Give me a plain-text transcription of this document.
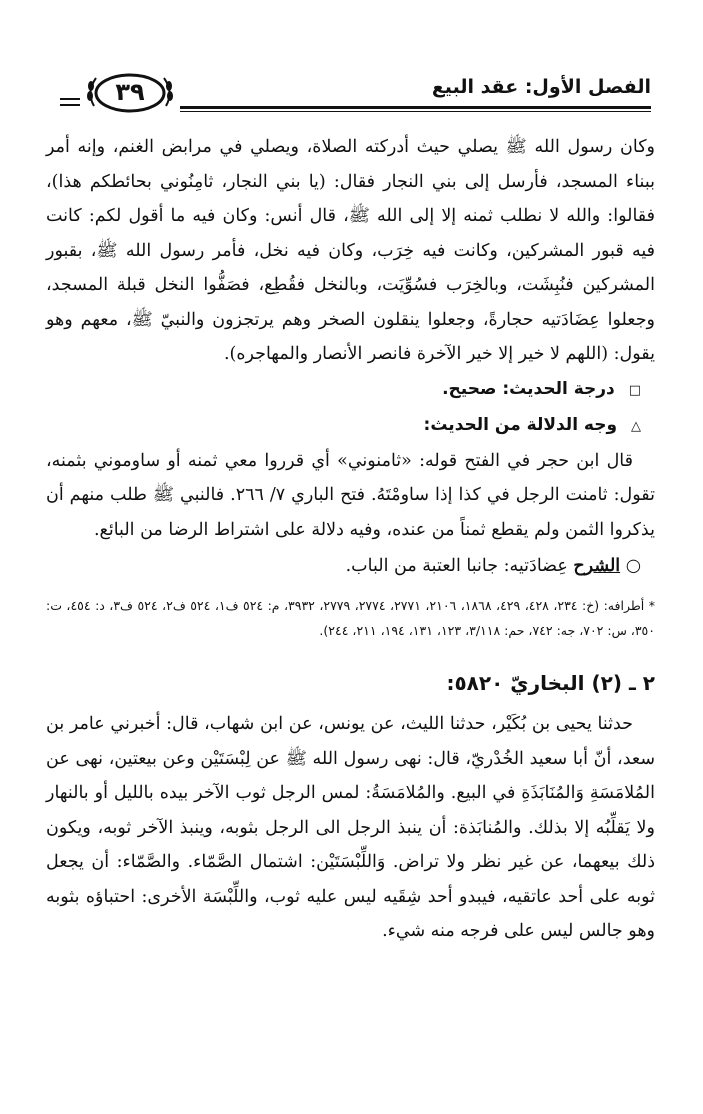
الفصل الأول: عقد البيع
٣٩

وكان رسول الله ﷺ يصلي حيث أدركته الصلاة، ويصلي في مرابض الغنم، وإنه أمر ببناء المسجد، فأرسل إلى بني النجار فقال: (يا بني النجار، ثامِنُوني بحائطكم هذا)، فقالوا: والله لا نطلب ثمنه إلا إلى الله ﷺ، قال أنس: وكان فيه ما أقول لكم: كانت فيه قبور المشركين، وكانت فيه خِرَب، وكان فيه نخل، فأمر رسول الله ﷺ، بقبور المشركين فنُبِشَت، وبالخِرَب فسُوِّيَت، وبالنخل فقُطِع، فصَفُّوا النخل قبلة المسجد، وجعلوا عِضَادَتيه حجارةً، وجعلوا ينقلون الصخر وهم يرتجزون والنبيّ ﷺ، معهم وهو يقول: (اللهم لا خير إلا خير الآخرة فانصر الأنصار والمهاجره).

□ درجة الحديث: صحيح.
△ وجه الدلالة من الحديث:

قال ابن حجر في الفتح قوله: «ثامنوني» أي قرروا معي ثمنه أو ساوموني بثمنه، تقول: ثامنت الرجل في كذا إذا ساومْتَهُ. فتح الباري ٧/ ٢٦٦. فالنبي ﷺ طلب منهم أن يذكروا الثمن ولم يقطع ثمناً من عنده، وفيه دلالة على اشتراط الرضا من البائع.

○ الشرح عِضادَتيه: جانبا العتبة من الباب.

* أطرافه: (خ: ٢٣٤، ٤٢٨، ٤٢٩، ١٨٦٨، ٢١٠٦، ٢٧٧١، ٢٧٧٤، ٢٧٧٩، ٣٩٣٢، م: ٥٢٤ ف١، ٥٢٤ ف٢، ٥٢٤ ف٣، د: ٤٥٤، ت: ٣٥٠، س: ٧٠٢، جه: ٧٤٢، حم: ٣/١١٨، ١٢٣، ١٣١، ١٩٤، ٢١١، ٢٤٤).

٢ ـ (٢) البخاريّ ٥٨٢٠:

حدثنا يحيى بن بُكَيْر، حدثنا الليث، عن يونس، عن ابن شهاب، قال: أخبرني عامر بن سعد، أنّ أبا سعيد الخُدْريّ، قال: نهى رسول الله ﷺ عن لِبْسَتَيْن وعن بيعتين، نهى عن المُلامَسَةِ وَالمُنَابَذَةِ في البيع. والمُلامَسَةُ: لمس الرجل ثوب الآخر بيده بالليل أو بالنهار ولا يَقلِّبُه إلا بذلك. والمُنابَذة: أن ينبذ الرجل الى الرجل بثوبه، وينبذ الآخر ثوبه، ويكون ذلك بيعهما، عن غير نظر ولا تراض. وَاللِّبْسَتَيْن: اشتمال الصَّمّاء. والصَّمّاء: أن يجعل ثوبه على أحد عاتقيه، فيبدو أحد شِقَيه ليس عليه ثوب، واللِّبْسَة الأخرى: احتباؤه بثوبه وهو جالس ليس على فرجه منه شيء.
